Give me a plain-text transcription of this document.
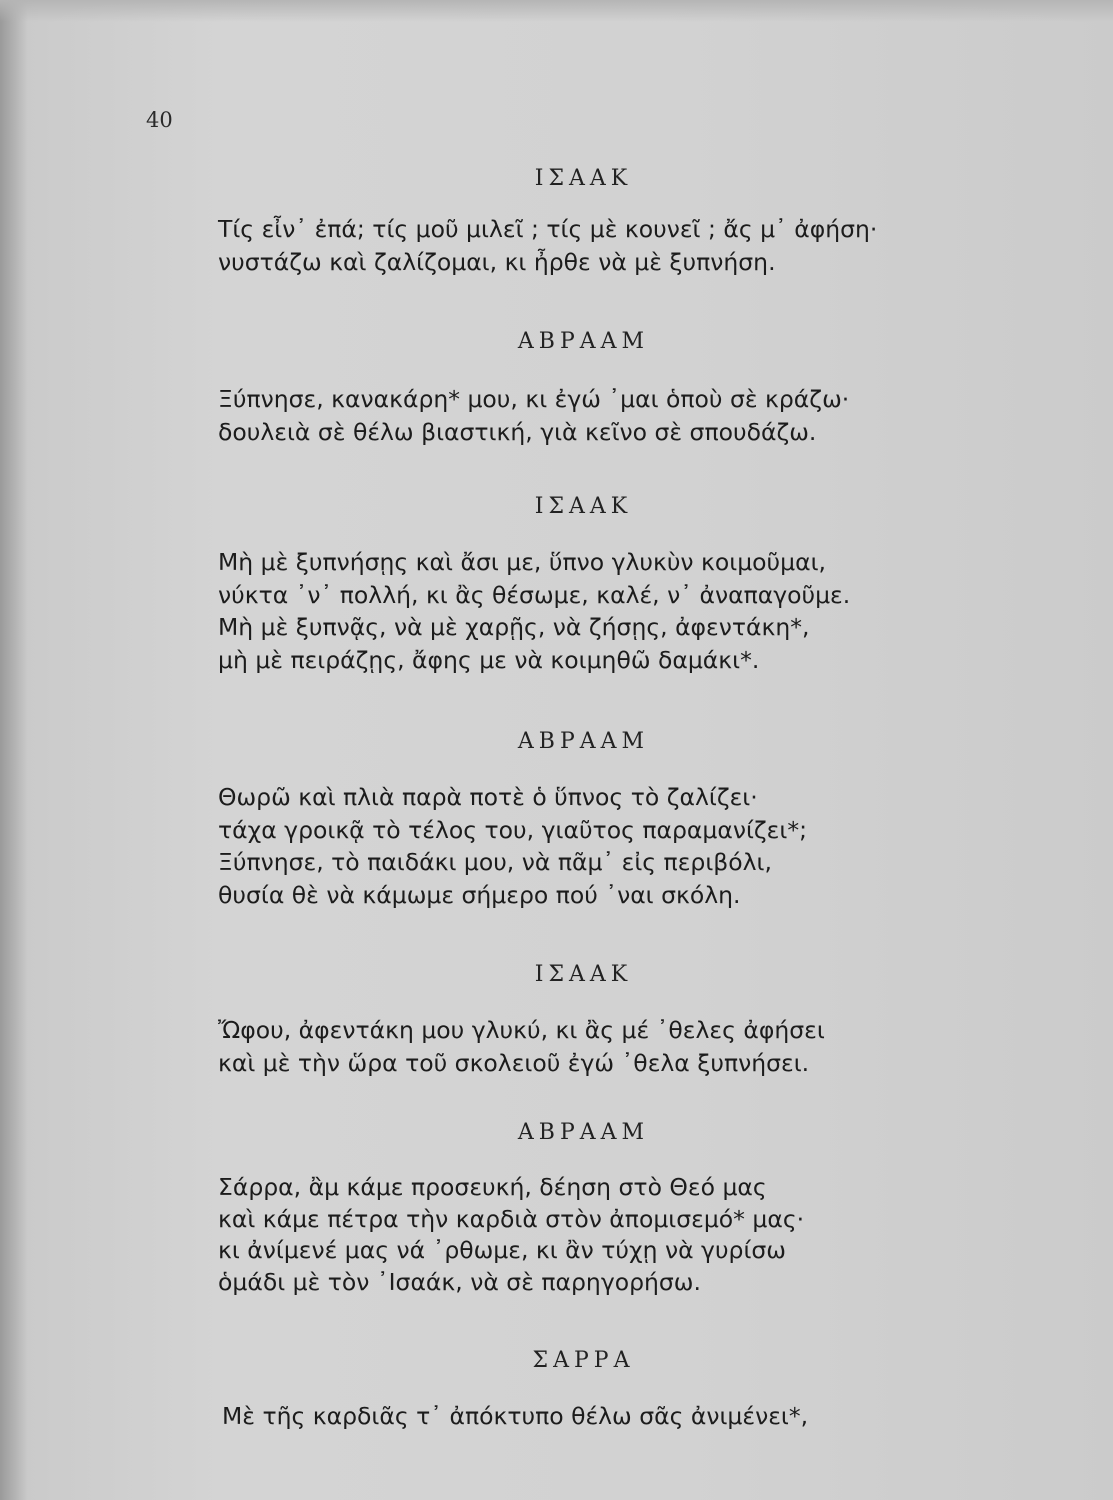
40
ΙΣΑΑΚ
Τίς εἶν᾽ ἐπά; τίς μοῦ μιλεῖ ; τίς μὲ κουνεῖ ; ἄς μ᾽ ἀφήση·
νυστάζω καὶ ζαλίζομαι, κι ἦρθε νὰ μὲ ξυπνήση.
ΑΒΡΑΑΜ
Ξύπνησε, κανακάρη* μου, κι ἐγώ ᾽μαι ὁποὺ σὲ κράζω·
δουλειὰ σὲ θέλω βιαστική, γιὰ κεῖνο σὲ σπουδάζω.
ΙΣΑΑΚ
Μὴ μὲ ξυπνήσῃς καὶ ἄσι με, ὕπνο γλυκὺν κοιμοῦμαι,
νύκτα ᾽ν᾽ πολλή, κι ἂς θέσωμε, καλέ, ν᾽ ἀναπαγοῦμε.
Μὴ μὲ ξυπνᾷς, νὰ μὲ χαρῇς, νὰ ζήσῃς, ἀφεντάκη*,
μὴ μὲ πειράζῃς, ἄφης με νὰ κοιμηθῶ δαμάκι*.
ΑΒΡΑΑΜ
Θωρῶ καὶ πλιὰ παρὰ ποτὲ ὁ ὕπνος τὸ ζαλίζει·
τάχα γροικᾷ τὸ τέλος του, γιαῦτος παραμανίζει*;
Ξύπνησε, τὸ παιδάκι μου, νὰ πᾶμ᾽ εἰς περιβόλι,
θυσία θὲ νὰ κάμωμε σήμερο πού ᾽ναι σκόλη.
ΙΣΑΑΚ
Ὤφου, ἀφεντάκη μου γλυκύ, κι ἂς μέ ᾽θελες ἀφήσει
καὶ μὲ τὴν ὥρα τοῦ σκολειοῦ ἐγώ ᾽θελα ξυπνήσει.
ΑΒΡΑΑΜ
Σάρρα, ἂμ κάμε προσευκή, δέηση στὸ Θεό μας
καὶ κάμε πέτρα τὴν καρδιὰ στὸν ἀπομισεμό* μας·
κι ἀνίμενέ μας νά ᾽ρθωμε, κι ἂν τύχῃ νὰ γυρίσω
ὁμάδι μὲ τὸν ᾽Ισαάκ, νὰ σὲ παρηγορήσω.
ΣΑΡΡΑ
Μὲ τῆς καρδιᾶς τ᾽ ἀπόκτυπο θέλω σᾶς ἀνιμένει*,
